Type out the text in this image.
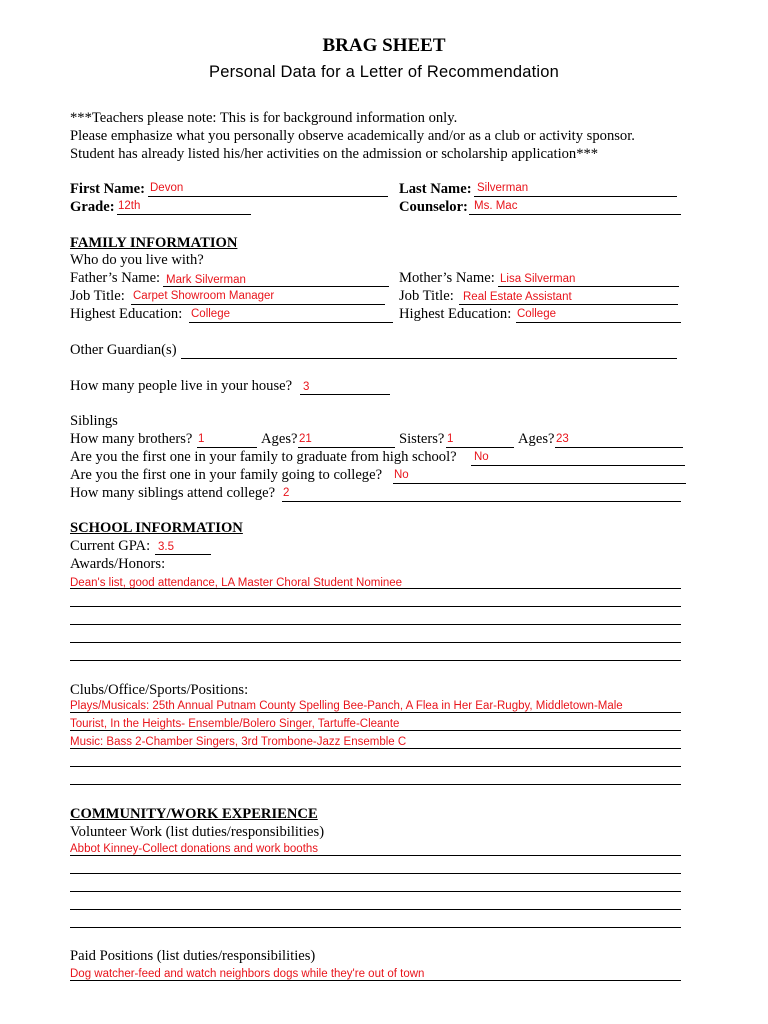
BRAG SHEET
Personal Data for a Letter of Recommendation
***Teachers please note: This is for background information only.
Please emphasize what you personally observe academically and/or as a club or activity sponsor.
Student has already listed his/her activities on the admission or scholarship application***
First Name: Devon	Last Name: Silverman
Grade: 12th	Counselor: Ms. Mac
FAMILY INFORMATION
Who do you live with?
Father’s Name: Mark Silverman	Mother’s Name: Lisa Silverman
Job Title: Carpet Showroom Manager	Job Title: Real Estate Assistant
Highest Education: College	Highest Education: College
Other Guardian(s)
How many people live in your house? 3
Siblings
How many brothers? 1	Ages? 21	Sisters? 1	Ages? 23
Are you the first one in your family to graduate from high school? No
Are you the first one in your family going to college? No
How many siblings attend college? 2
SCHOOL INFORMATION
Current GPA: 3.5
Awards/Honors:
Dean's list, good attendance, LA Master Choral Student Nominee
Clubs/Office/Sports/Positions:
Plays/Musicals: 25th Annual Putnam County Spelling Bee-Panch, A Flea in Her Ear-Rugby, Middletown-Male
Tourist, In the Heights- Ensemble/Bolero Singer, Tartuffe-Cleante
Music: Bass 2-Chamber Singers, 3rd Trombone-Jazz Ensemble C
COMMUNITY/WORK EXPERIENCE
Volunteer Work (list duties/responsibilities)
Abbot Kinney-Collect donations and work booths
Paid Positions (list duties/responsibilities)
Dog watcher-feed and watch neighbors dogs while they're out of town
